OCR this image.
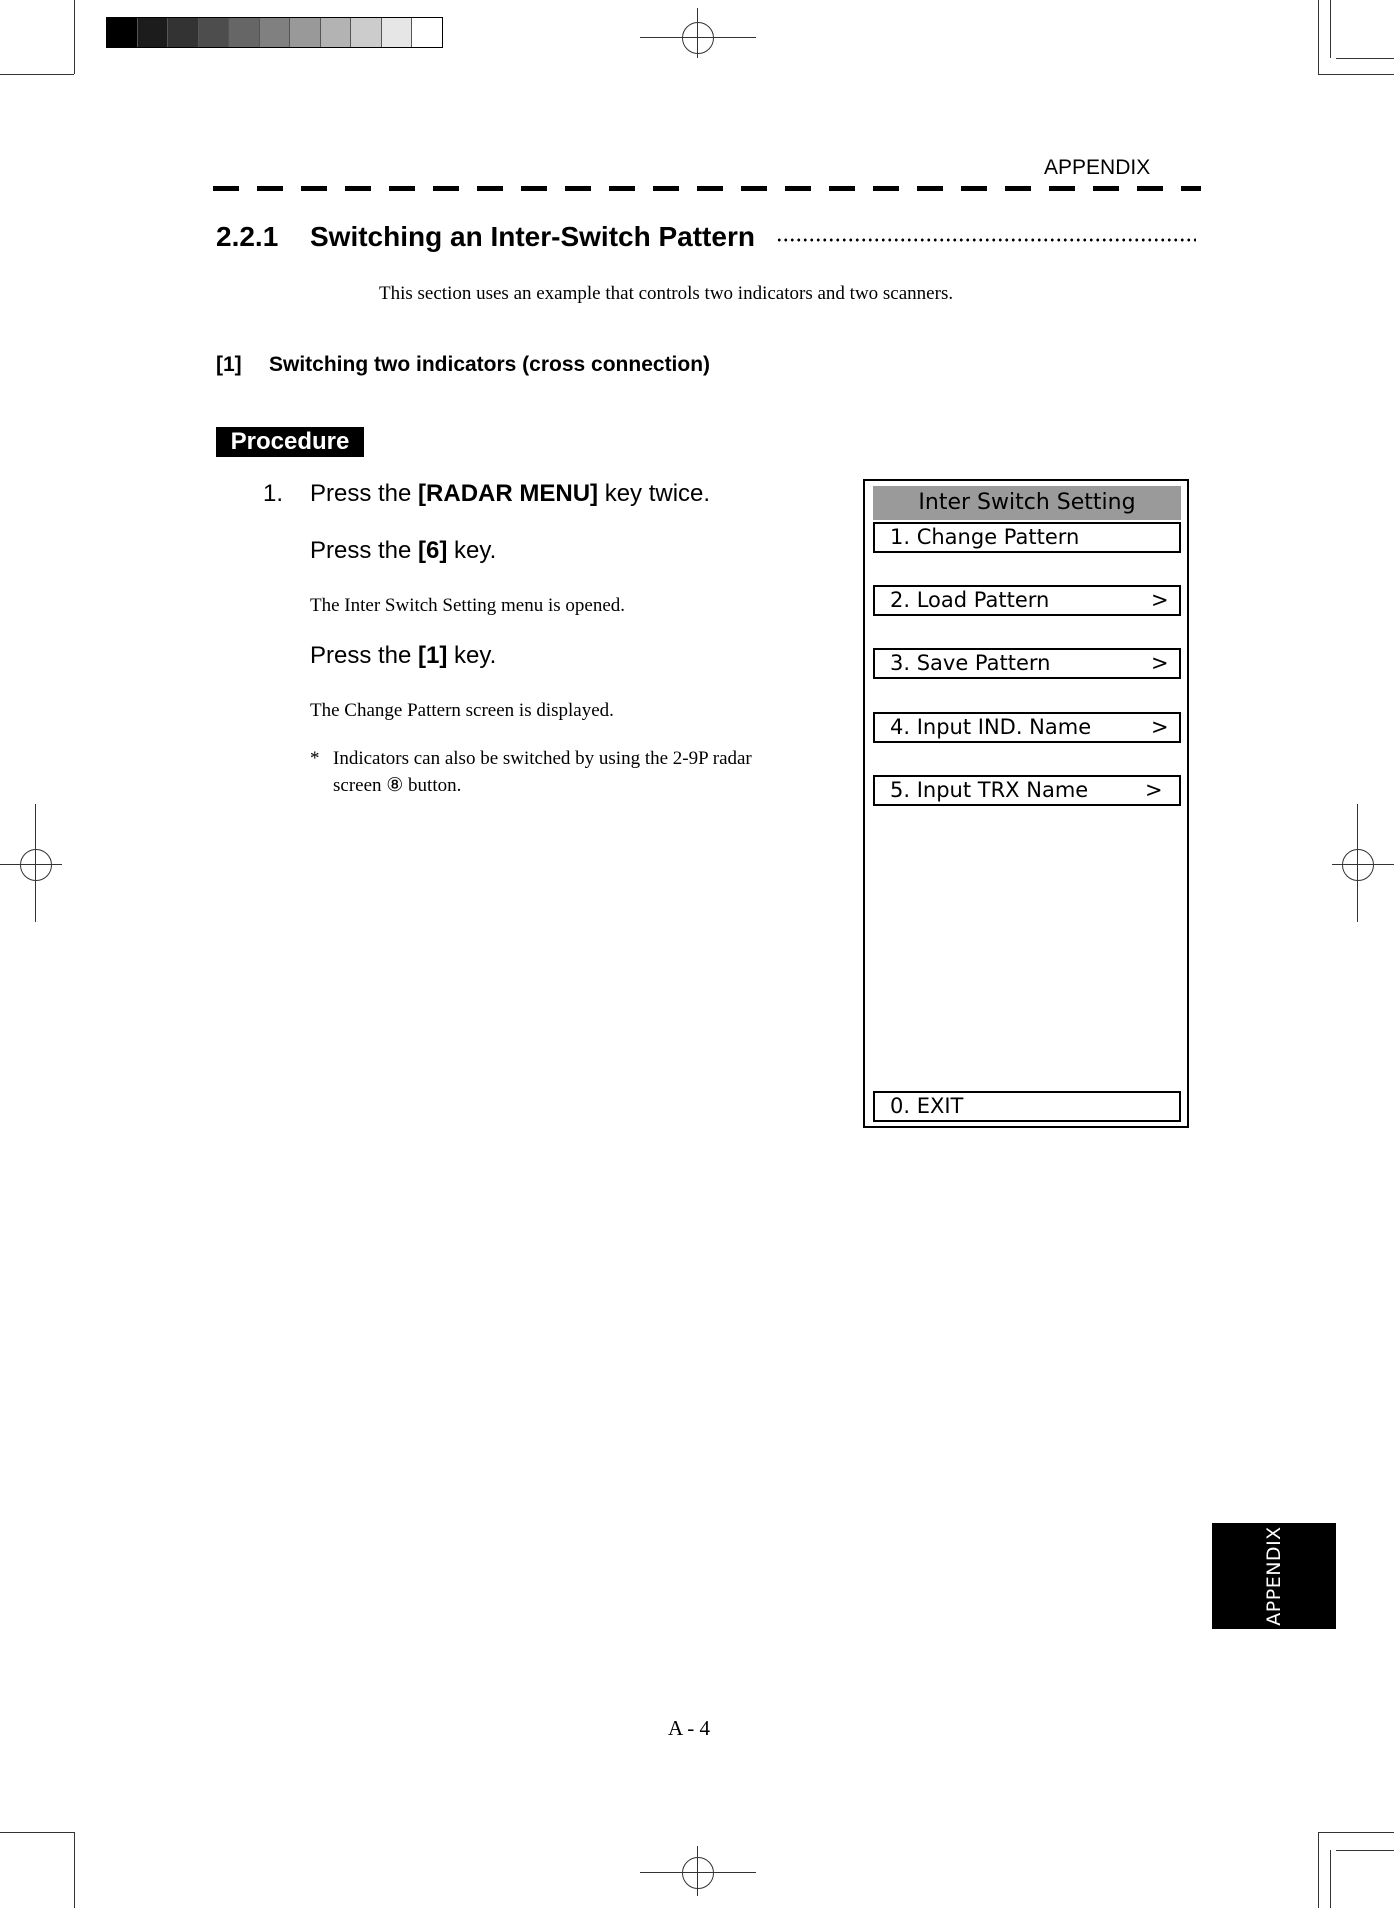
APPENDIX
2.2.1 Switching an Inter-Switch Pattern
This section uses an example that controls two indicators and two scanners.
[1] Switching two indicators (cross connection)
Procedure
1. Press the [RADAR MENU] key twice.
Press the [6] key.
The Inter Switch Setting menu is opened.
Press the [1] key.
The Change Pattern screen is displayed.
* Indicators can also be switched by using the 2-9P radar
screen ⑧ button.
Inter Switch Setting
1. Change Pattern
2. Load Pattern	>
3. Save Pattern	>
4. Input IND. Name	>
5. Input TRX Name	>
0. EXIT
APPENDIX
A - 4
